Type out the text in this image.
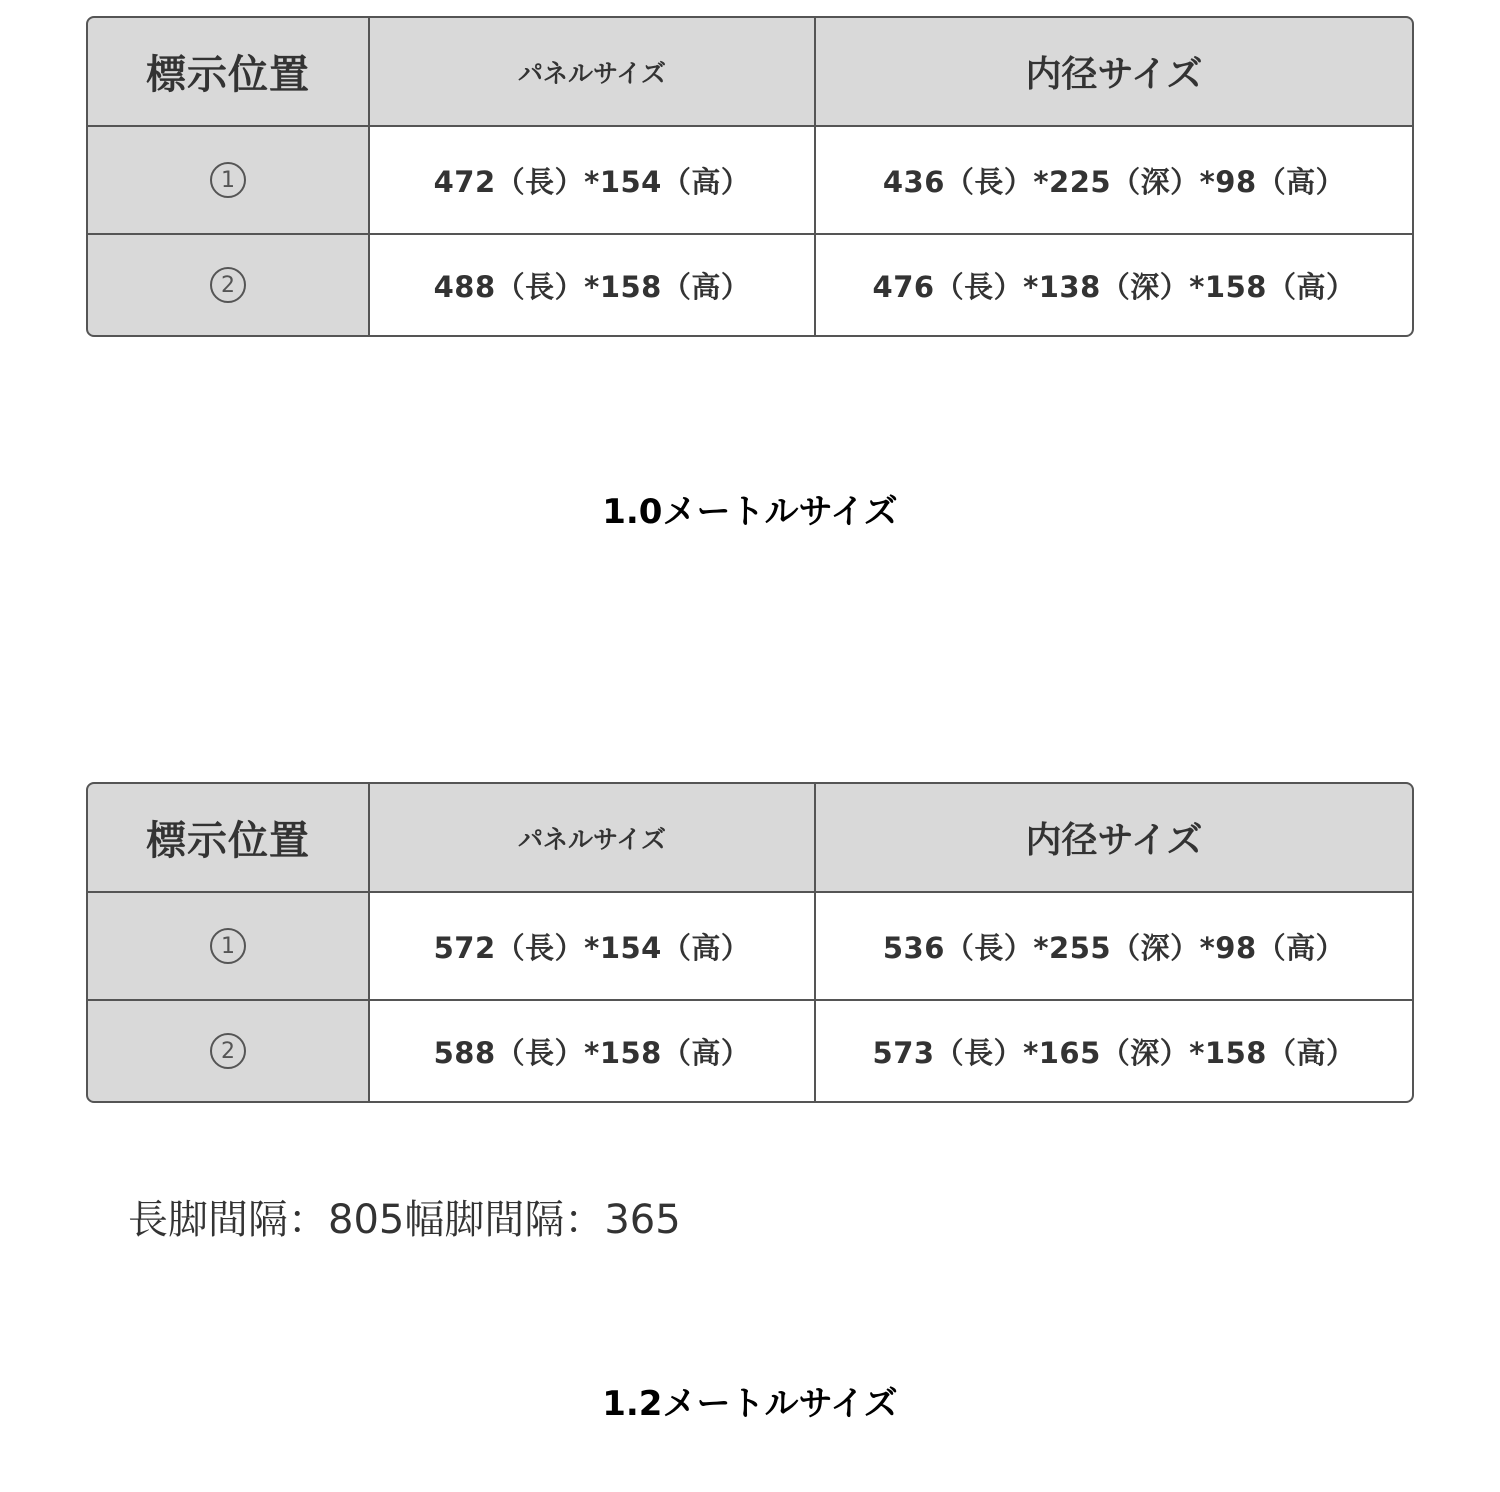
標示位置	パネルサイズ	内径サイズ
1	472（長）*154（高）	436（長）*225（深）*98（高）
2	488（長）*158（高）	476（長）*138（深）*158（高）
1.0メートルサイズ
標示位置	パネルサイズ	内径サイズ
1	572（長）*154（高）	536（長）*255（深）*98（高）
2	588（長）*158（高）	573（長）*165（深）*158（高）
長脚間隔：805幅脚間隔：365
1.2メートルサイズ
